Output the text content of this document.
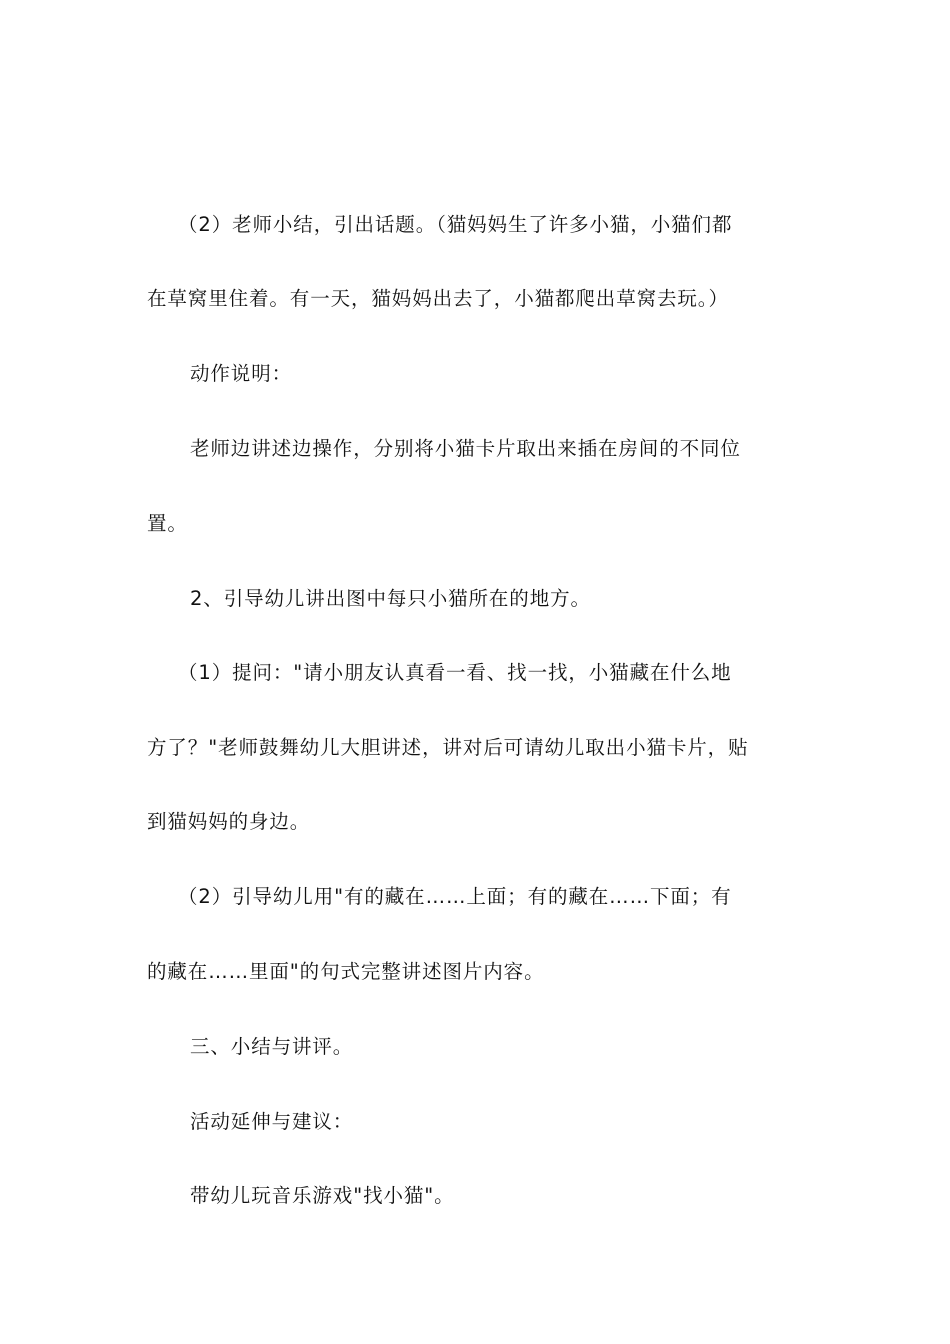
（2）老师小结，引出话题。（猫妈妈生了许多小猫，小猫们都
在草窝里住着。有一天，猫妈妈出去了，小猫都爬出草窝去玩。）
动作说明：
老师边讲述边操作，分别将小猫卡片取出来插在房间的不同位
置。
2、引导幼儿讲出图中每只小猫所在的地方。
（1）提问："请小朋友认真看一看、找一找，小猫藏在什么地
方了？"老师鼓舞幼儿大胆讲述，讲对后可请幼儿取出小猫卡片，贴
到猫妈妈的身边。
（2）引导幼儿用"有的藏在……上面；有的藏在……下面；有
的藏在……里面"的句式完整讲述图片内容。
三、小结与讲评。
活动延伸与建议：
带幼儿玩音乐游戏"找小猫"。
